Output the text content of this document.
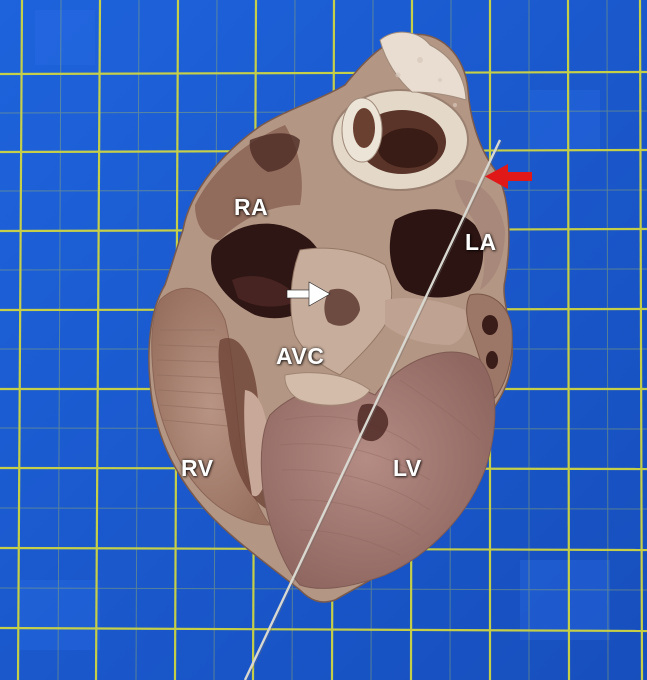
RA
LA
AVC
RV	LV
